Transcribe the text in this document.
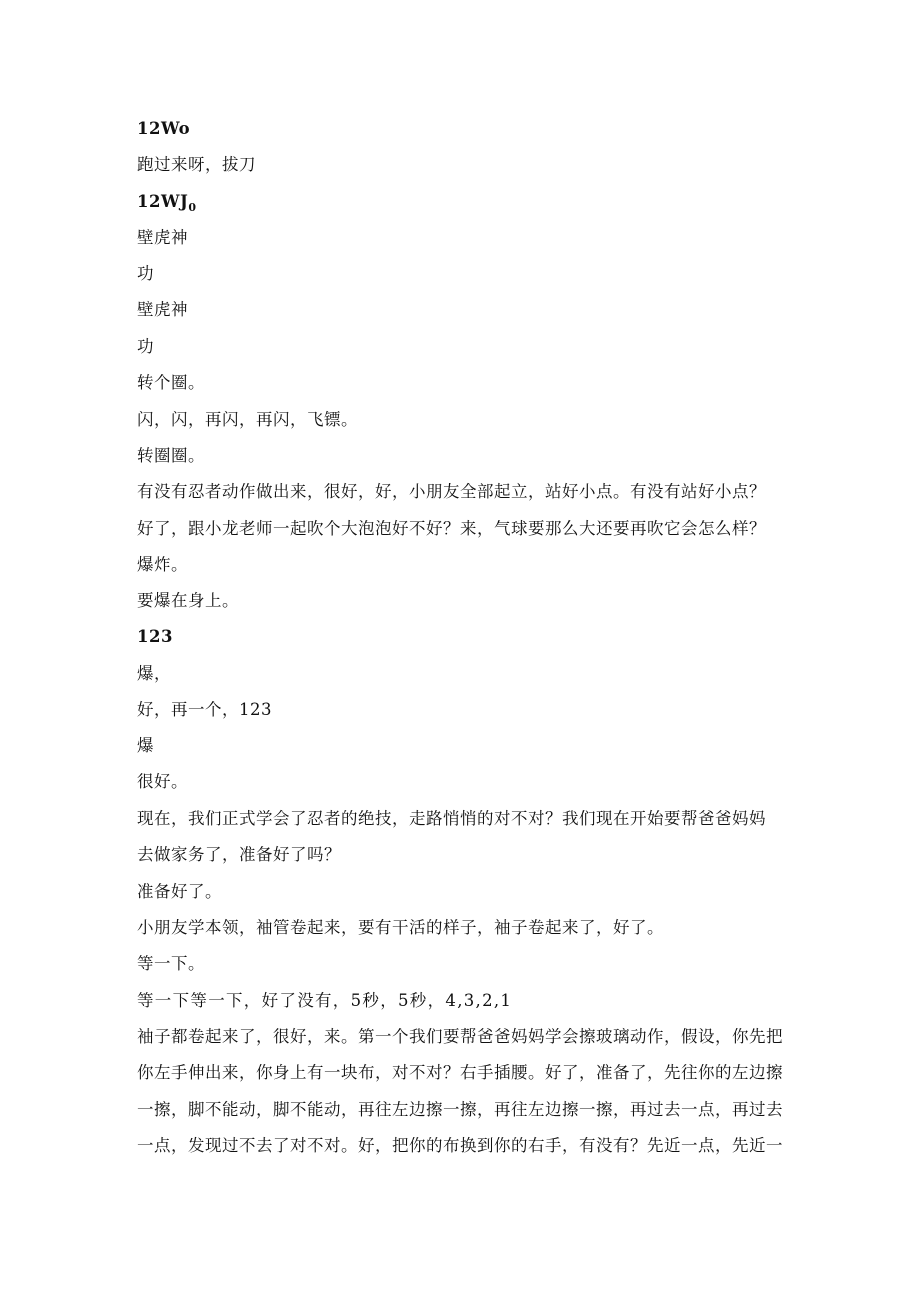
12Wo
跑过来呀，拔刀
$12WJ_0$
壁虎神
功
壁虎神
功
转个圈。
闪，闪，再闪，再闪，飞镖。
转圈圈。
有没有忍者动作做出来，很好，好，小朋友全部起立，站好小点。有没有站好小点？
好了，跟小龙老师一起吹个大泡泡好不好？来，气球要那么大还要再吹它会怎么样？
爆炸。
要爆在身上。
123
爆，
好，再一个，123
爆
很好。
现在，我们正式学会了忍者的绝技，走路悄悄的对不对？我们现在开始要帮爸爸妈妈
去做家务了，准备好了吗？
准备好了。
小朋友学本领，袖管卷起来，要有干活的样子，袖子卷起来了，好了。
等一下。
等一下等一下，好了没有，5秒，5秒，4,3,2,1
袖子都卷起来了，很好，来。第一个我们要帮爸爸妈妈学会擦玻璃动作，假设，你先把
你左手伸出来，你身上有一块布，对不对？右手插腰。好了，准备了，先往你的左边擦
一擦，脚不能动，脚不能动，再往左边擦一擦，再往左边擦一擦，再过去一点，再过去
一点，发现过不去了对不对。好，把你的布换到你的右手，有没有？先近一点，先近一
